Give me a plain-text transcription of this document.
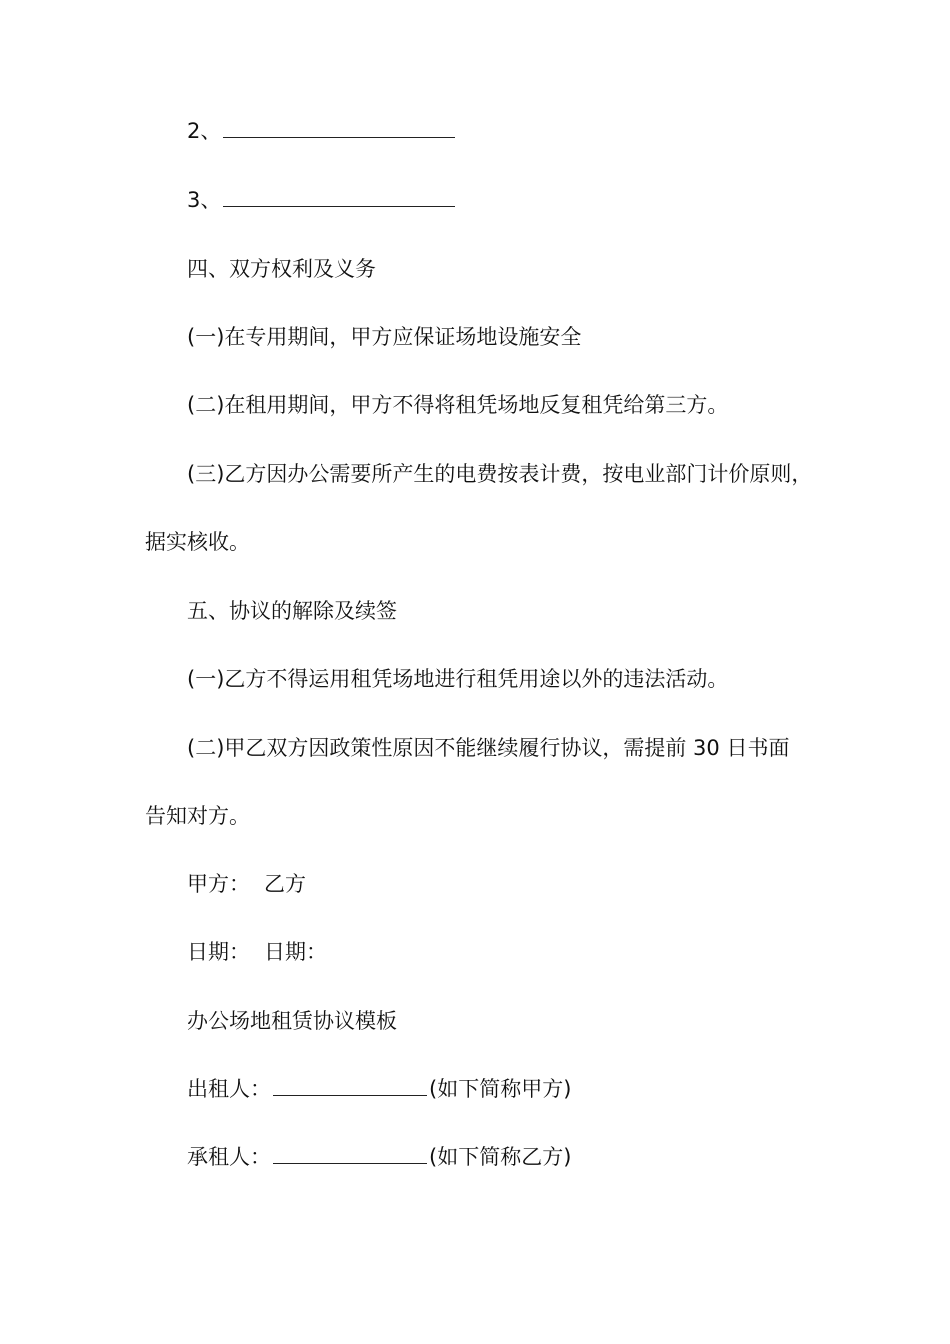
2、
3、
四、双方权利及义务
(一)在专用期间，甲方应保证场地设施安全
(二)在租用期间，甲方不得将租凭场地反复租凭给第三方。
(三)乙方因办公需要所产生的电费按表计费，按电业部门计价原则，
据实核收。
五、协议的解除及续签
(一)乙方不得运用租凭场地进行租凭用途以外的违法活动。
(二)甲乙双方因政策性原因不能继续履行协议，需提前 30 日书面
告知对方。
甲方： 乙方
日期： 日期：
办公场地租赁协议模板
出租人：	(如下简称甲方)
承租人：	(如下简称乙方)
